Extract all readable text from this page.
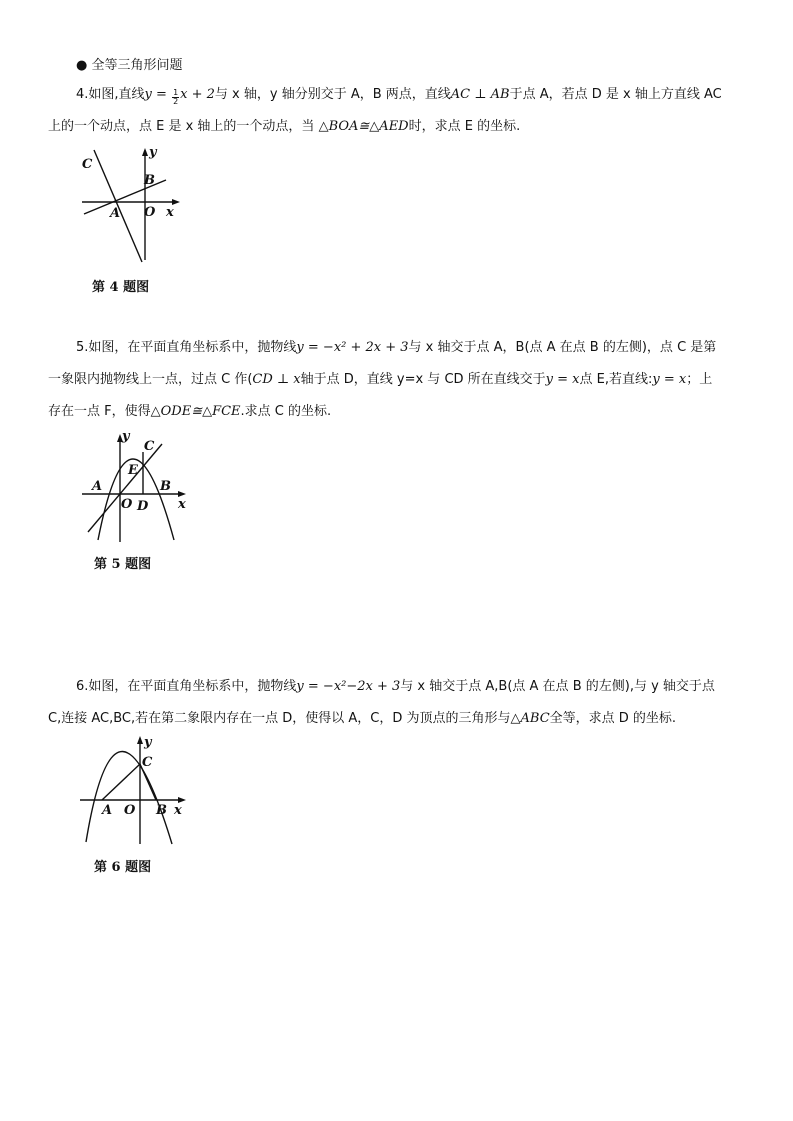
● 全等三角形问题
4.如图,直线$y = \frac{1}{2}$ x + 2与 x 轴，y 轴分别交于 A，B 两点，直线AC ⊥ AB于点 A，若点 D 是 x 轴上方直线 AC
上的一个动点，点 E 是 x 轴上的一个动点，当 △BOA≅△AED时，求点 E 的坐标.
C
y
B
A O x
第 4 题图
5.如图，在平面直角坐标系中，抛物线y = −x² + 2x + 3与 x 轴交于点 A，B(点 A 在点 B 的左侧)，点 C 是第
一象限内抛物线上一点，过点 C 作(CD ⊥ x轴于点 D，直线 y=x 与 CD 所在直线交于y = x点 E,若直线:y = x；上
存在一点 F，使得△ODE≅△FCE.求点 C 的坐标.
y
C
E
A	B
O D x
第 5 题图
6.如图，在平面直角坐标系中，抛物线y = −x²−2x + 3与 x 轴交于点 A,B(点 A 在点 B 的左侧),与 y 轴交于点
C,连接 AC,BC,若在第二象限内存在一点 D，使得以 A，C，D 为顶点的三角形与△ABC全等，求点 D 的坐标.
y
C
A O B x
第 6 题图
